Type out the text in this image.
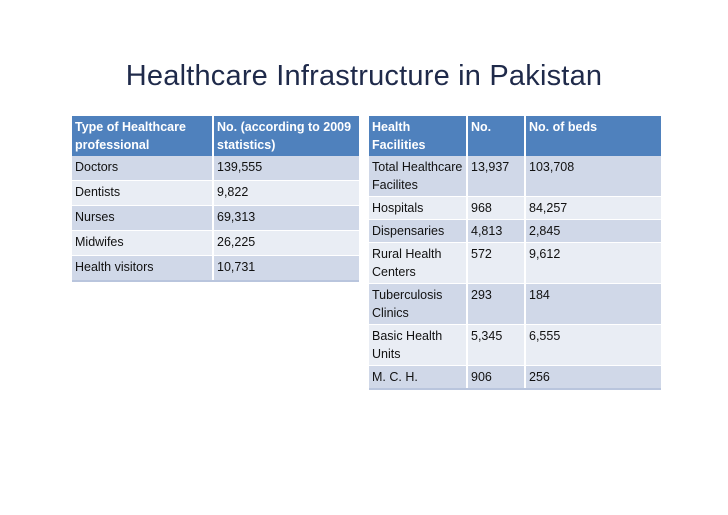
Healthcare Infrastructure in Pakistan
Type of Healthcare professional	No. (according to 2009 statistics)
Doctors	139,555
Dentists	9,822
Nurses	69,313
Midwifes	26,225
Health visitors	10,731
Health Facilities	No.	No. of beds
Total Healthcare Facilites	13,937	103,708
Hospitals	968	84,257
Dispensaries	4,813	2,845
Rural Health Centers	572	9,612
Tuberculosis Clinics	293	184
Basic Health Units	5,345	6,555
M. C. H.	906	256
